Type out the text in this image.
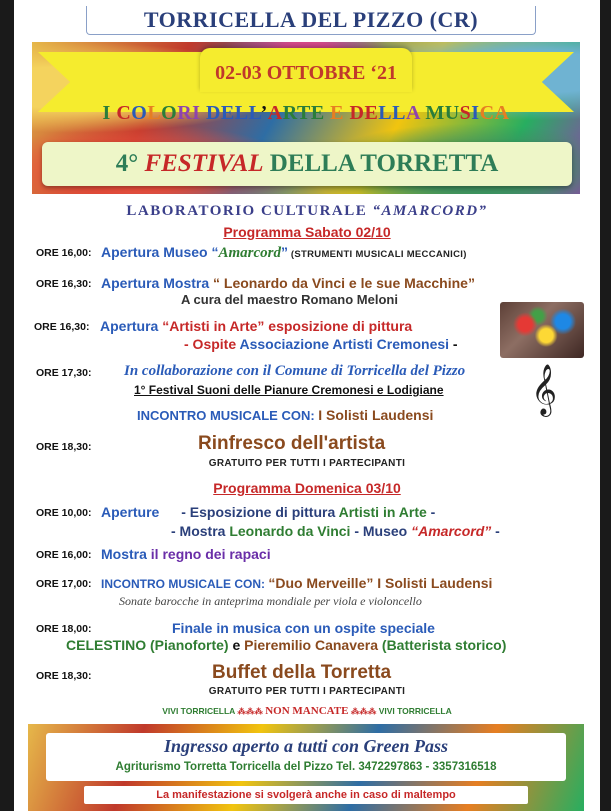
TORRICELLA DEL PIZZO (CR)
02-03 OTTOBRE ‘21
I COLORI DELL’ARTE E DELLA MUSICA
4° FESTIVAL DELLA TORRETTA
LABORATORIO CULTURALE “AMARCORD”
Programma Sabato 02/10
ORE 16,00: Apertura Museo “Amarcord” (STRUMENTI MUSICALI MECCANICI)
ORE 16,30: Apertura Mostra “ Leonardo da Vinci e le sue Macchine”
A cura del maestro Romano Meloni
ORE 16,30: Apertura “Artisti in Arte” esposizione di pittura
- Ospite Associazione Artisti Cremonesi -
ORE 17,30: In collaborazione con il Comune di Torricella del Pizzo
1° Festival Suoni delle Pianure Cremonesi e Lodigiane 𝄞
INCONTRO MUSICALE CON: I Solisti Laudensi
ORE 18,30:	Rinfresco dell'artista
GRATUITO PER TUTTI I PARTECIPANTI
Programma Domenica 03/10
ORE 10,00: Aperture - Esposizione di pittura Artisti in Arte -
- Mostra Leonardo da Vinci - Museo “Amarcord” -
ORE 16,00: Mostra il regno dei rapaci
ORE 17,00: INCONTRO MUSICALE CON: “Duo Merveille” I Solisti Laudensi
Sonate barocche in anteprima mondiale per viola e violoncello
ORE 18,00:	Finale in musica con un ospite speciale
CELESTINO (Pianoforte) e Pieremilio Canavera (Batterista storico)
ORE 18,30:	Buffet della Torretta
GRATUITO PER TUTTI I PARTECIPANTI
VIVI TORRICELLA ⁂⁂⁂ NON MANCATE ⁂⁂⁂ VIVI TORRICELLA
Ingresso aperto a tutti con Green Pass
Agriturismo Torretta Torricella del Pizzo Tel. 3472297863 - 3357316518
La manifestazione si svolgerà anche in caso di maltempo
